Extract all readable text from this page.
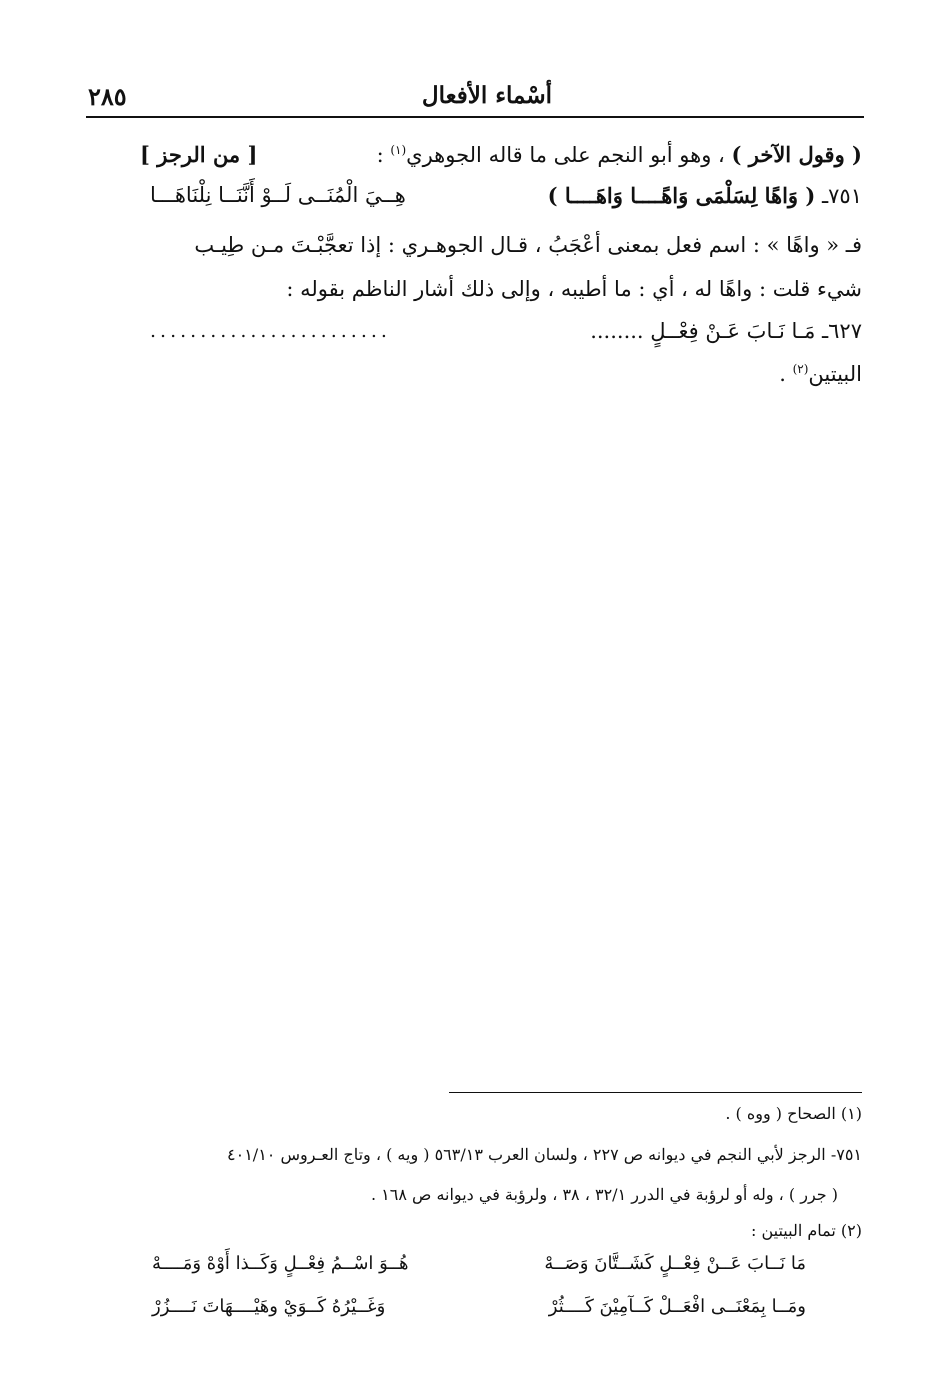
أسْماء الأفعال
٢٨٥
( وقول الآخر ) ، وهو أبو النجم على ما قاله الجوهري$^{(١)}$ :
[ من الرجز ]
٧٥١ـ ( وَاهًا لِسَلْمَى وَاهًــــا وَاهَــــا )
هِــيَ الْمُنَــى لَــوْ أَنَّنَــا نِلْنَاهَـــا
فـ « واهًا » : اسم فعل بمعنى أعْجَبُ ، قـال الجوهـري : إذا تعجَّبْـتَ مـن طِيـب
شيء قلت : واهًا له ، أي : ما أطيبه ، وإلى ذلك أشار الناظم بقوله :
٦٢٧ـ مَـا نَـابَ عَـنْ فِعْــلٍ ........
........................
البيتين$^{(٢)}$ .
(١) الصحاح ( ووه ) .
٧٥١- الرجز لأبي النجم في ديوانه ص ٢٢٧ ، ولسان العرب ٥٦٣/١٣ ( ويه ) ، وتاج العـروس ٤٠١/١٠
( جرر ) ، وله أو لرؤبة في الدرر ٣٢/١ ، ٣٨ ، ولرؤبة في ديوانه ص ١٦٨ .
(٢) تمام البيتين :
مَا نَــابَ عَــنْ فِعْــلٍ كَشَــتَّانَ وَصَــهْ
هُــوَ اسْــمُ فِعْــلٍ وَكَــذا أَوْهْ وَمَــــهْ
ومَــا بِمَعْنَــى افْعَــلْ كَــآمِيْنَ كَــــثُرْ
وَغَــيْرُهُ كَــوَيْ وهَيْــــهَاتَ نَــــزُرْ
